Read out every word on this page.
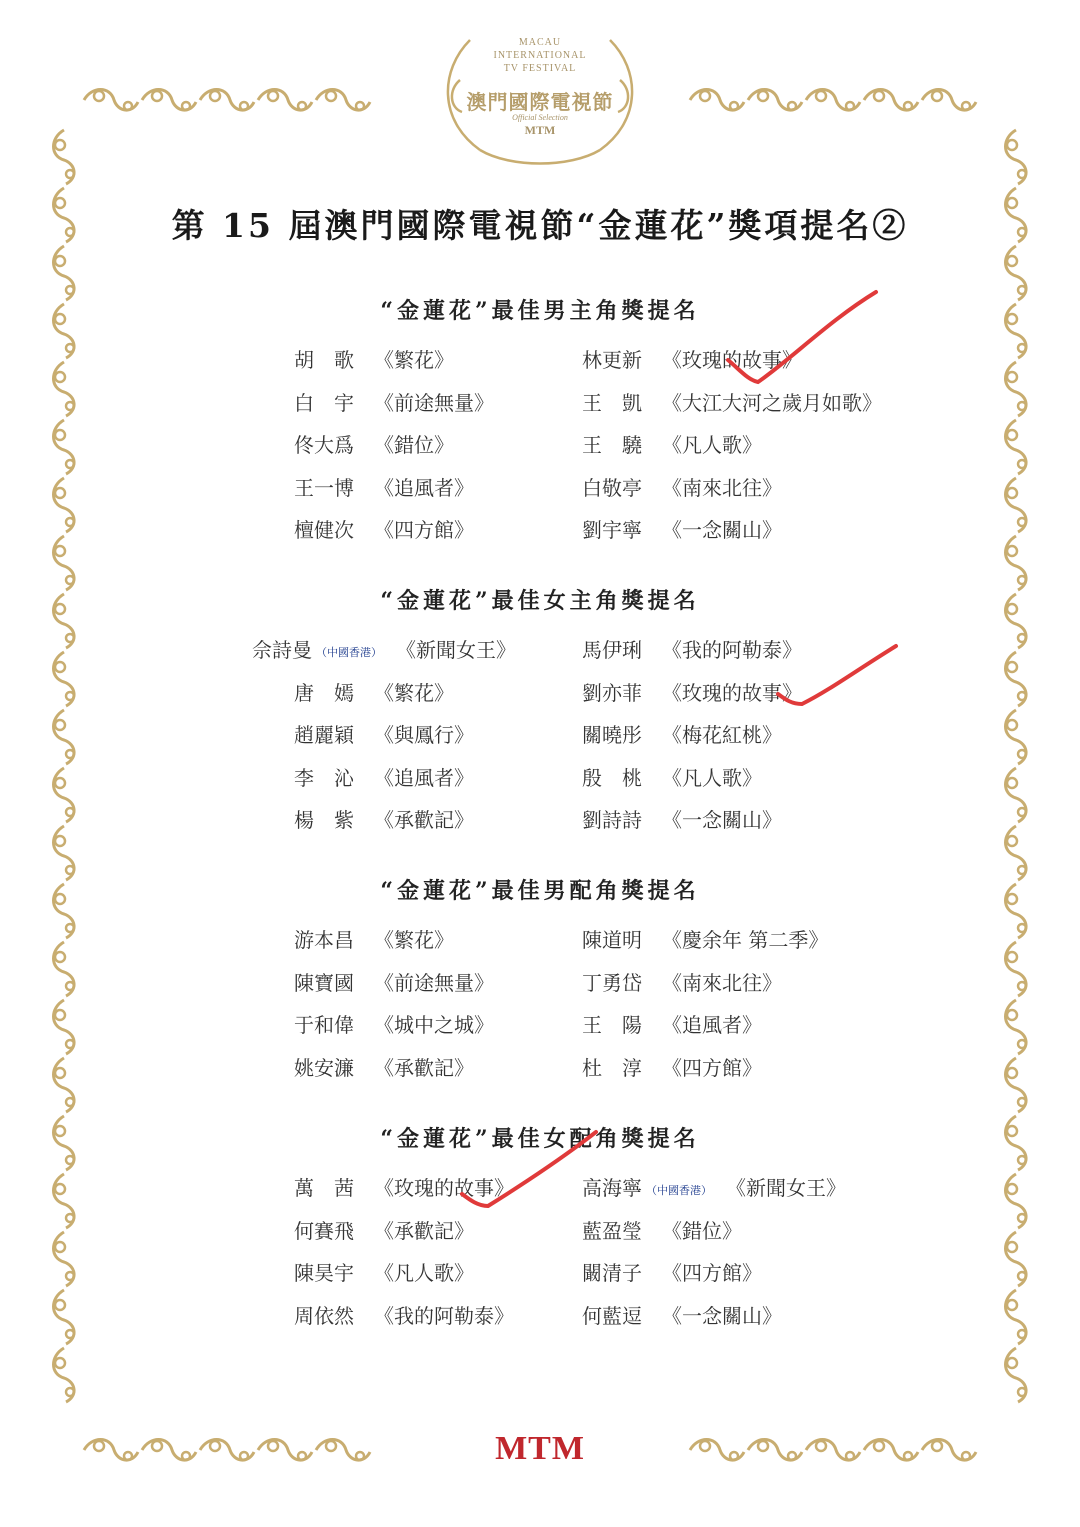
MACAU
INTERNATIONAL
TV FESTIVAL
澳門國際電視節
Official Selection
MTM
第 15 屆澳門國際電視節“金蓮花”獎項提名②
“金蓮花”最佳男主角獎提名
“金蓮花”最佳女主角獎提名
“金蓮花”最佳男配角獎提名
“金蓮花”最佳女配角獎提名
胡　歌 《繁花》
白　宇 《前途無量》
佟大爲 《錯位》
王一博 《追風者》
檀健次 《四方館》
林更新 《玫瑰的故事》
王　凱 《大江大河之歲月如歌》
王　驍 《凡人歌》
白敬亭 《南來北往》
劉宇寧 《一念關山》
佘詩曼 （中國香港） 《新聞女王》
唐　嫣 《繁花》
趙麗穎 《與鳳行》
李　沁 《追風者》
楊　紫 《承歡記》
馬伊琍 《我的阿勒泰》
劉亦菲 《玫瑰的故事》
關曉彤 《梅花紅桃》
殷　桃 《凡人歌》
劉詩詩 《一念關山》
游本昌 《繁花》
陳寶國 《前途無量》
于和偉 《城中之城》
姚安濂 《承歡記》
陳道明 《慶余年 第二季》
丁勇岱 《南來北往》
王　陽 《追風者》
杜　淳 《四方館》
萬　茜 《玫瑰的故事》
何賽飛 《承歡記》
陳昊宇 《凡人歌》
周依然 《我的阿勒泰》
高海寧 （中國香港） 《新聞女王》
藍盈瑩 《錯位》
闞清子 《四方館》
何藍逗 《一念關山》
MTM
